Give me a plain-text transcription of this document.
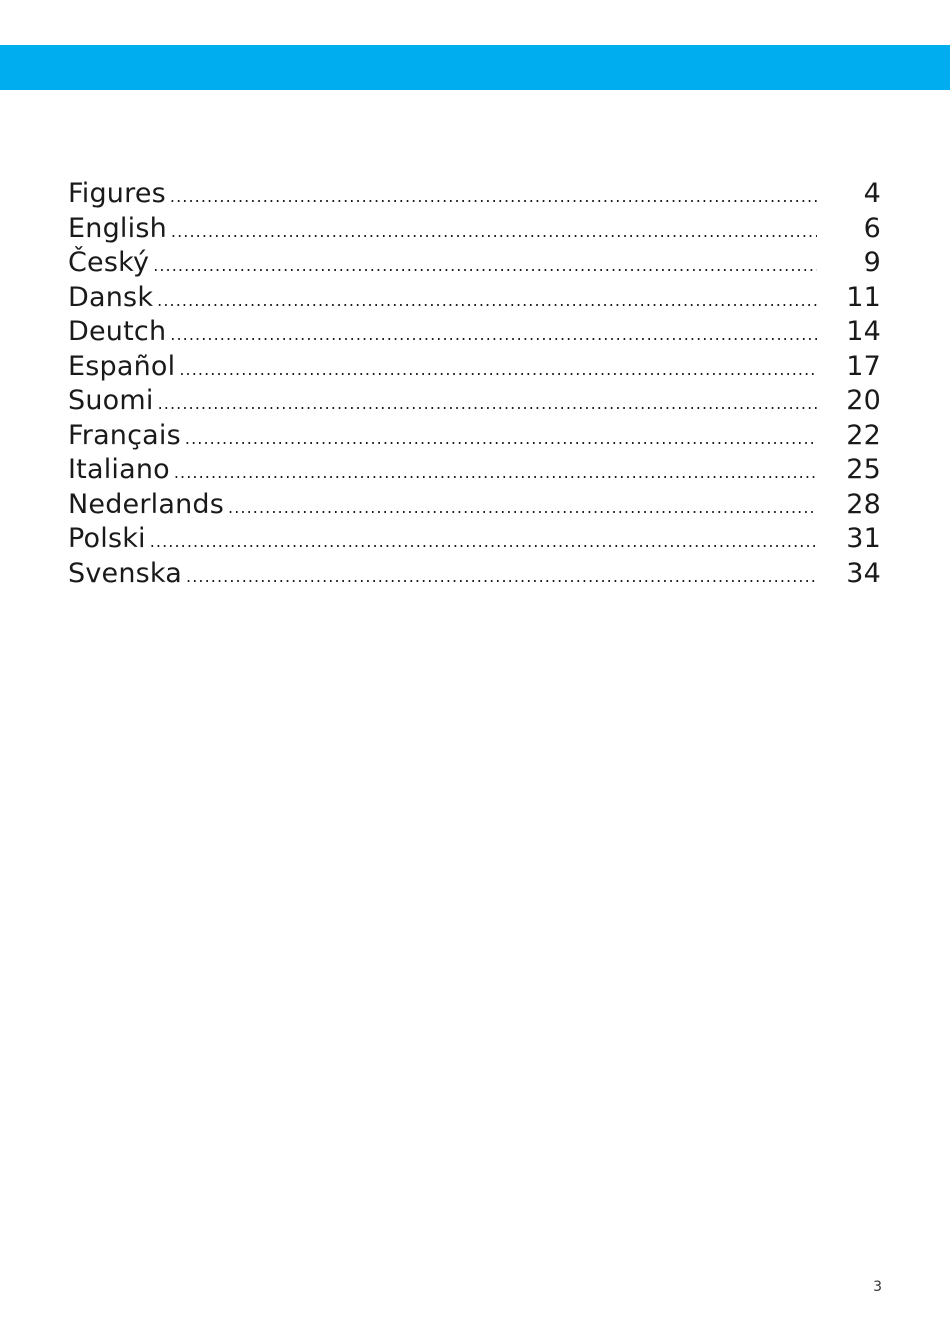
Figures .....	4
English .....	6
Český .....	9
Dansk .....	11
Deutch .....	14
Español .....	17
Suomi .....	20
Français .....	22
Italiano .....	25
Nederlands .....	28
Polski .....	31
Svenska .....	34
3
